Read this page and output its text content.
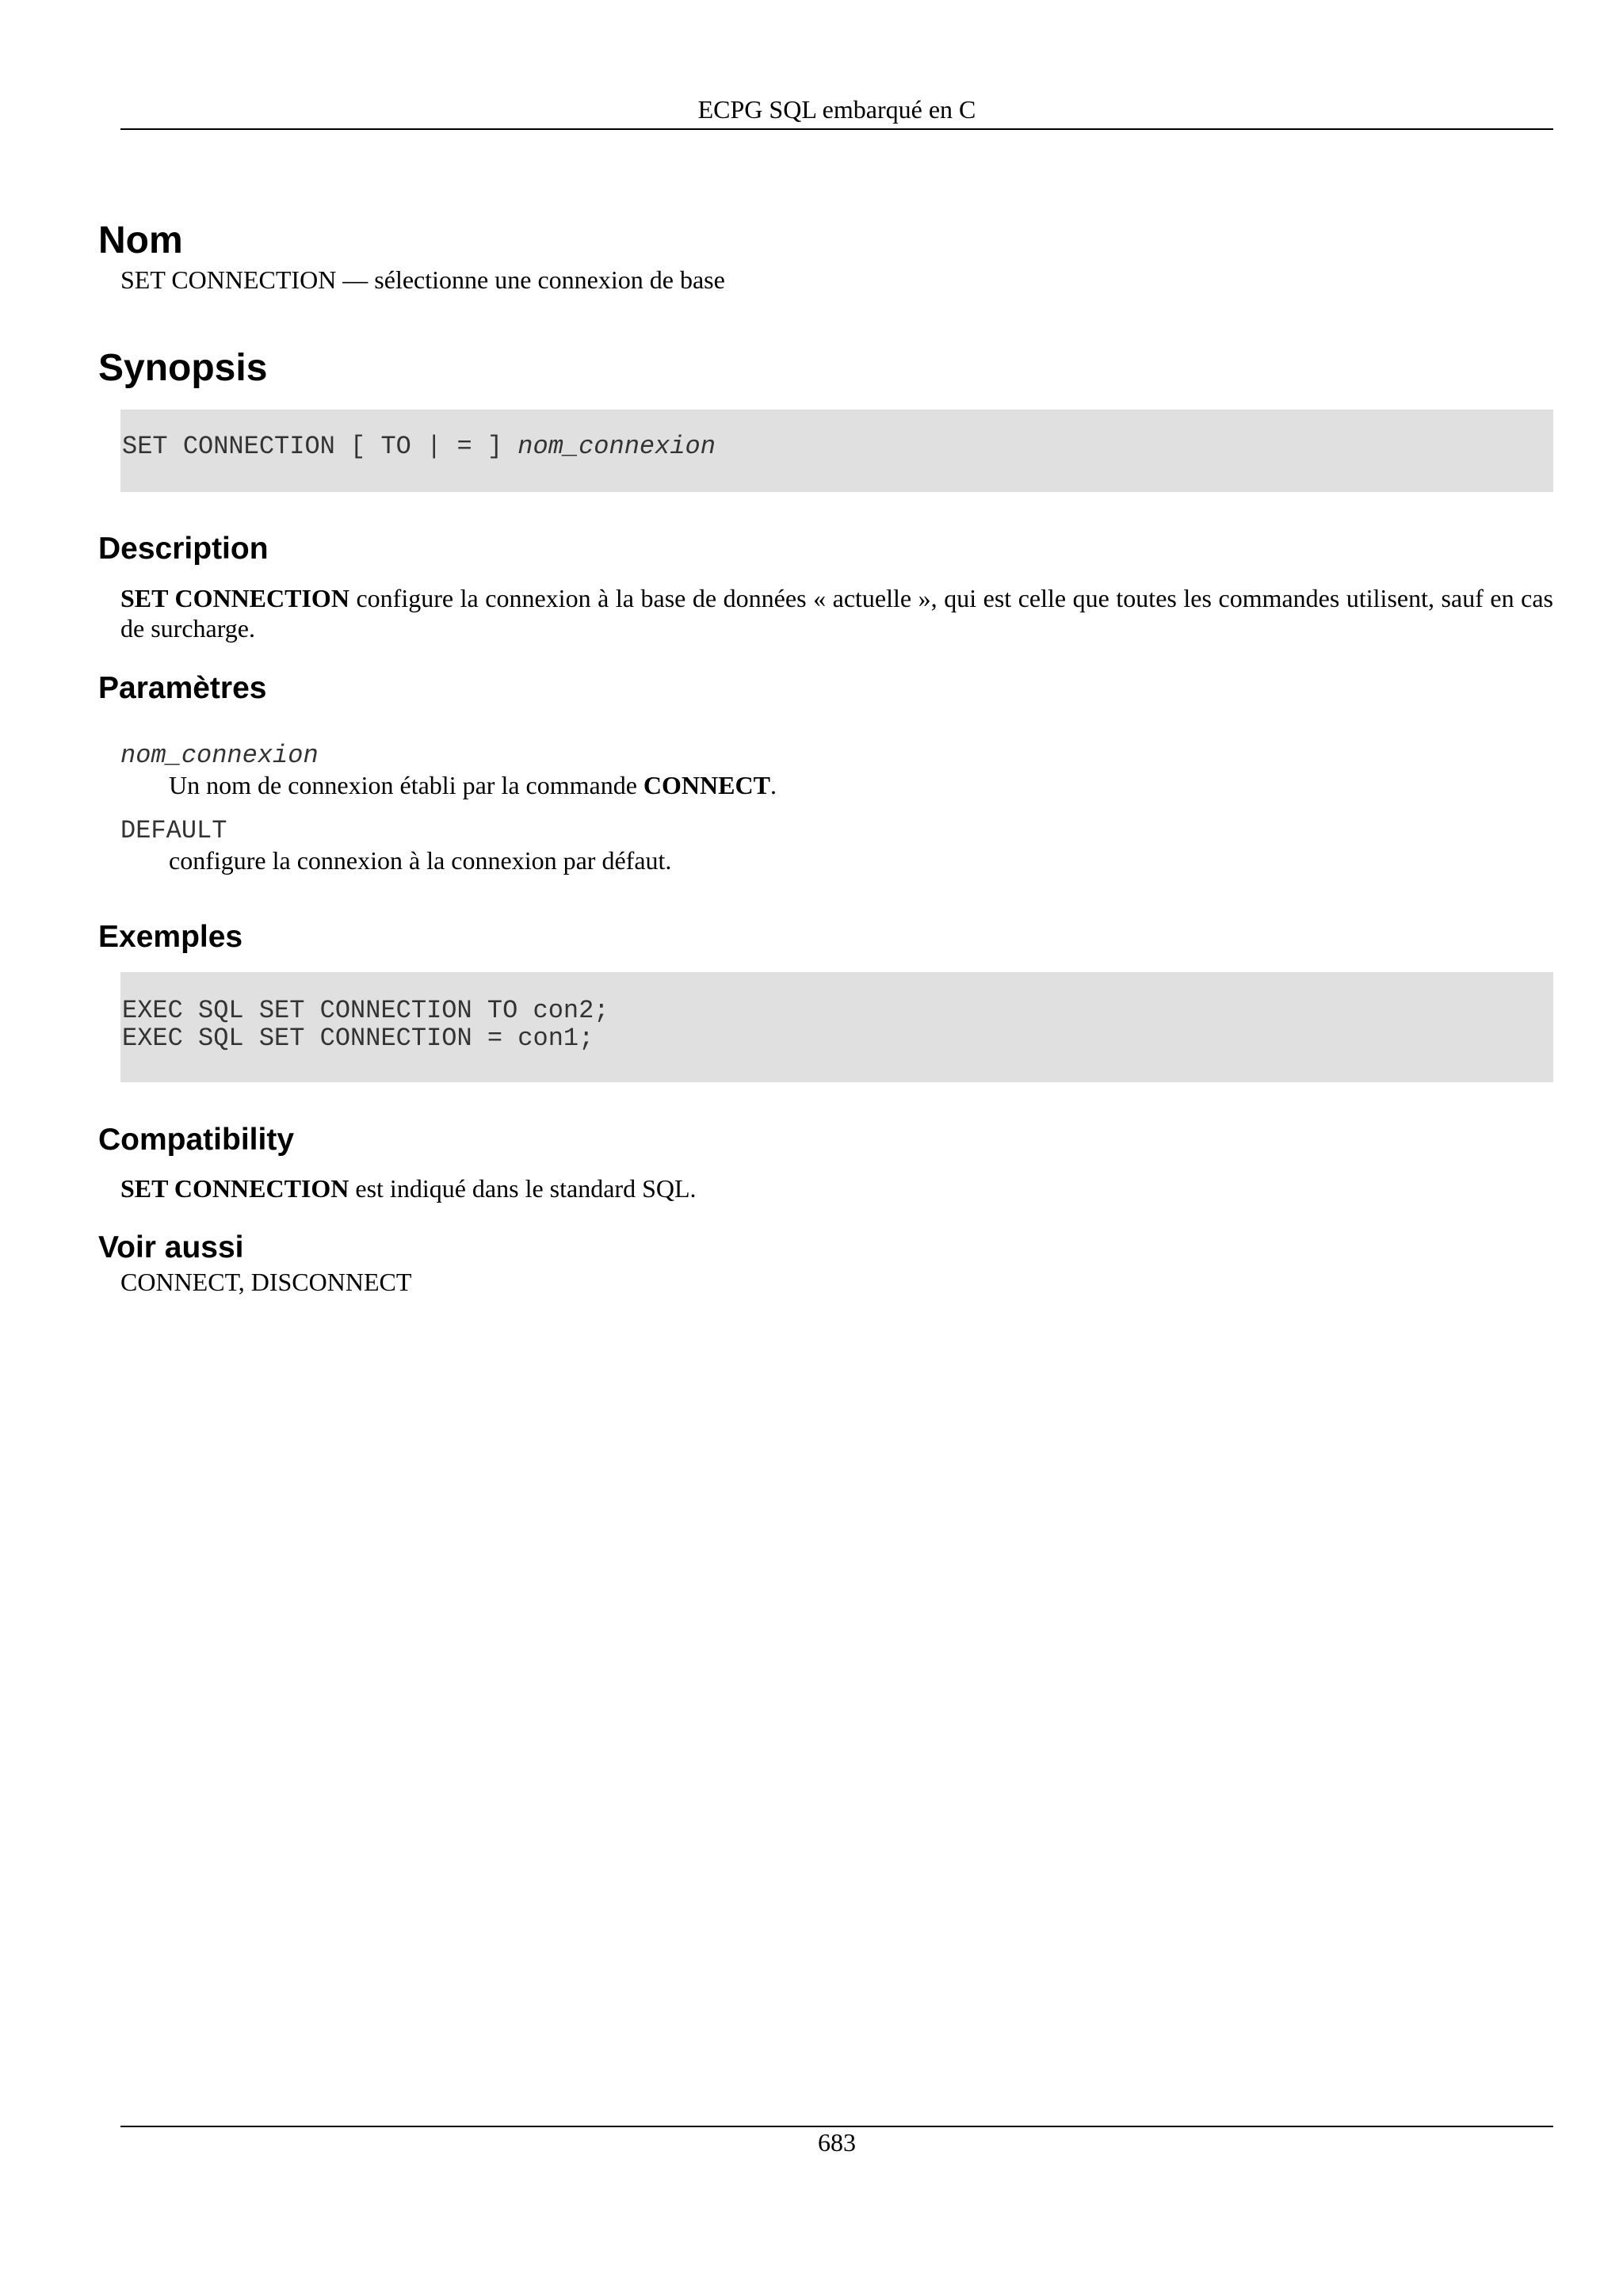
ECPG SQL embarqué en C
Nom

SET CONNECTION — sélectionne une connexion de base

Synopsis
SET CONNECTION [ TO | = ] nom_connexion
Description

SET CONNECTION configure la connexion à la base de données « actuelle », qui est celle que toutes les commandes utilisent, sauf en cas de surcharge.

Paramètres
nom_connexion
Un nom de connexion établi par la commande CONNECT.
DEFAULT
configure la connexion à la connexion par défaut.
Exemples
EXEC SQL SET CONNECTION TO con2;
EXEC SQL SET CONNECTION = con1;
Compatibility

SET CONNECTION est indiqué dans le standard SQL.

Voir aussi

CONNECT, DISCONNECT

683
